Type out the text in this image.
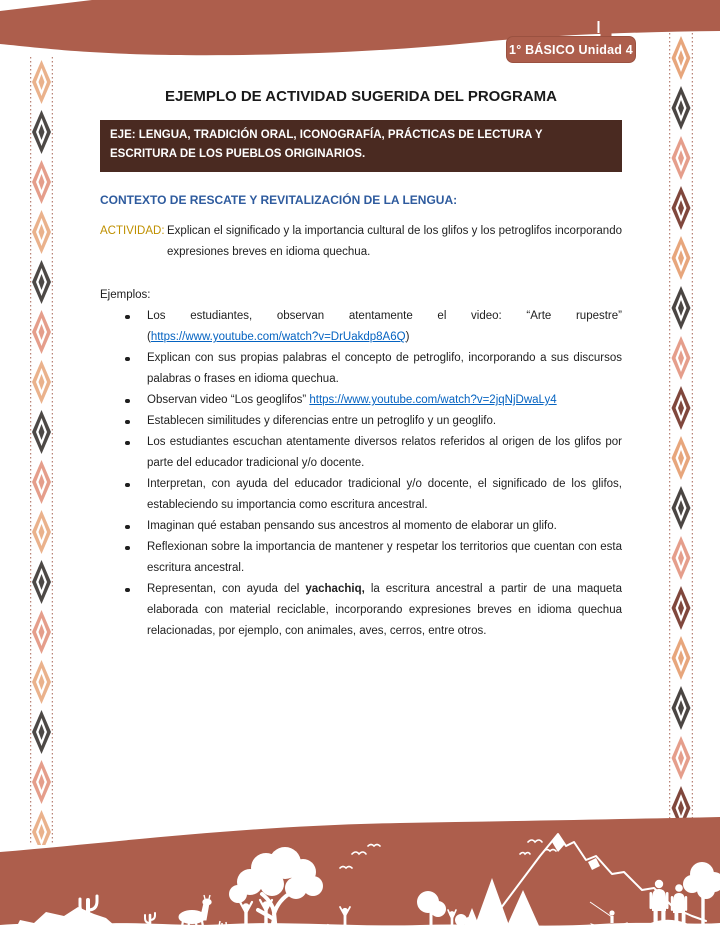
1° BÁSICO Unidad 4
EJEMPLO DE ACTIVIDAD SUGERIDA DEL PROGRAMA
EJE: LENGUA, TRADICIÓN ORAL, ICONOGRAFÍA, PRÁCTICAS DE LECTURA Y ESCRITURA DE LOS PUEBLOS ORIGINARIOS.
CONTEXTO DE RESCATE Y REVITALIZACIÓN DE LA LENGUA:
ACTIVIDAD: Explican el significado y la importancia cultural de los glifos y los petroglifos incorporando expresiones breves en idioma quechua.
Ejemplos:
Los estudiantes, observan atentamente el video: “Arte rupestre” (https://www.youtube.com/watch?v=DrUakdp8A6Q)
Explican con sus propias palabras el concepto de petroglifo, incorporando a sus discursos palabras o frases en idioma quechua.
Observan video “Los geoglifos” https://www.youtube.com/watch?v=2jqNjDwaLy4
Establecen similitudes y diferencias entre un petroglifo y un geoglifo.
Los estudiantes escuchan atentamente diversos relatos referidos al origen de los glifos por parte del educador tradicional y/o docente.
Interpretan, con ayuda del educador tradicional y/o docente, el significado de los glifos, estableciendo su importancia como escritura ancestral.
Imaginan qué estaban pensando sus ancestros al momento de elaborar un glifo.
Reflexionan sobre la importancia de mantener y respetar los territorios que cuentan con esta escritura ancestral.
Representan, con ayuda del yachachiq, la escritura ancestral a partir de una maqueta elaborada con material reciclable, incorporando expresiones breves en idioma quechua relacionadas, por ejemplo, con animales, aves, cerros, entre otros.
